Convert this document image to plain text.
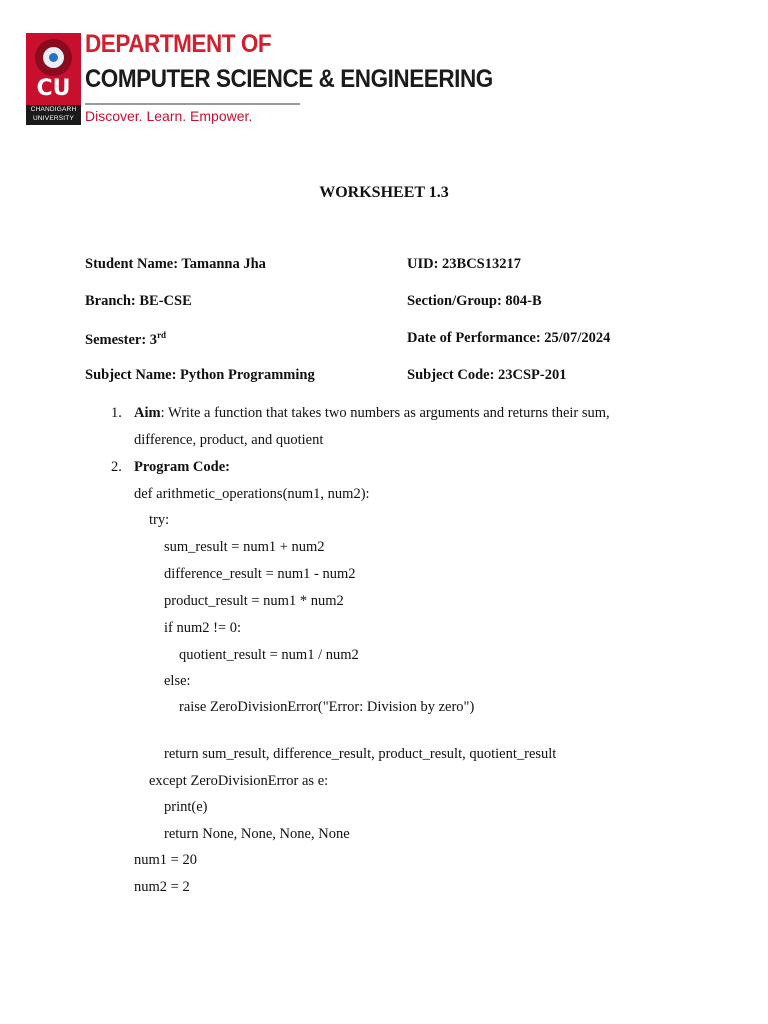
CU
CHANDIGARH
UNIVERSITY
DEPARTMENT OF
COMPUTER SCIENCE & ENGINEERING
Discover. Learn. Empower.
WORKSHEET 1.3
Student Name: Tamanna Jha	UID: 23BCS13217
Branch: BE-CSE	Section/Group: 804-B
Semester: 3rd	Date of Performance: 25/07/2024
Subject Name: Python Programming	Subject Code: 23CSP-201
1. Aim: Write a function that takes two numbers as arguments and returns their sum,
difference, product, and quotient
2. Program Code:
def arithmetic_operations(num1, num2):
try:
sum_result = num1 + num2
difference_result = num1 - num2
product_result = num1 * num2
if num2 != 0:
quotient_result = num1 / num2
else:
raise ZeroDivisionError("Error: Division by zero")
return sum_result, difference_result, product_result, quotient_result
except ZeroDivisionError as e:
print(e)
return None, None, None, None
num1 = 20
num2 = 2
